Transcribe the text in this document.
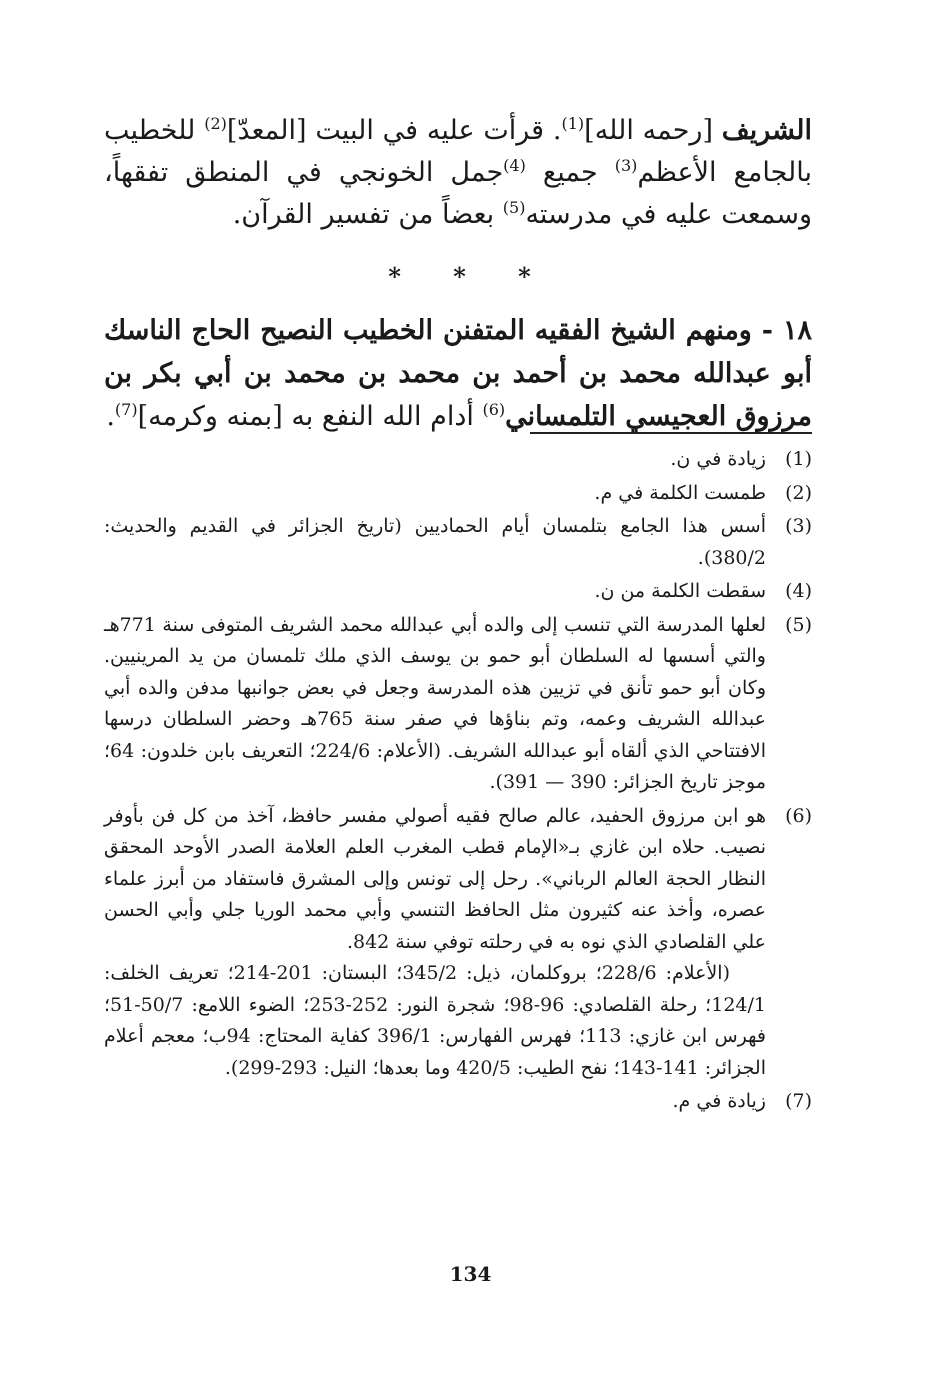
الشريف [رحمه الله]$^{(1)}$. قرأت عليه في البيت [المعدّ]$^{(2)}$ للخطيب بالجامع الأعظم$^{(3)}$ جميع $^{(4)}$جمل الخونجي في المنطق تفقهاً، وسمعت عليه في مدرسته$^{(5)}$ بعضاً من تفسير القرآن.

* * *

١٨ - ومنهم الشيخ الفقيه المتفنن الخطيب النصيح الحاج الناسك أبو عبدالله محمد بن أحمد بن محمد بن محمد بن أبي بكر بن مرزوق العجيسي التلمساني$^{(6)}$ أدام الله النفع به [بمنه وكرمه]$^{(7)}$.

(1)
زيادة في ن.
(2)
طمست الكلمة في م.
(3)
أسس هذا الجامع بتلمسان أيام الحماديين (تاريخ الجزائر في القديم والحديث: 380/2).
(4)
سقطت الكلمة من ن.
(5)
لعلها المدرسة التي تنسب إلى والده أبي عبدالله محمد الشريف المتوفى سنة 771هـ والتي أسسها له السلطان أبو حمو بن يوسف الذي ملك تلمسان من يد المرينيين. وكان أبو حمو تأنق في تزيين هذه المدرسة وجعل في بعض جوانبها مدفن والده أبي عبدالله الشريف وعمه، وتم بناؤها في صفر سنة 765هـ وحضر السلطان درسها الافتتاحي الذي ألقاه أبو عبدالله الشريف. (الأعلام: 224/6؛ التعريف بابن خلدون: 64؛ موجز تاريخ الجزائر: 390 — 391).
(6)

هو ابن مرزوق الحفيد، عالم صالح فقيه أصولي مفسر حافظ، آخذ من كل فن بأوفر نصيب. حلاه ابن غازي بـ«الإمام قطب المغرب العلم العلامة الصدر الأوحد المحقق النظار الحجة العالم الرباني». رحل إلى تونس وإلى المشرق فاستفاد من أبرز علماء عصره، وأخذ عنه كثيرون مثل الحافظ التنسي وأبي محمد الوريا جلي وأبي الحسن علي القلصادي الذي نوه به في رحلته توفي سنة 842.

(الأعلام: 228/6؛ بروكلمان، ذيل: 345/2؛ البستان: 201-214؛ تعريف الخلف: 124/1؛ رحلة القلصادي: 96-98؛ شجرة النور: 252-253؛ الضوء اللامع: 50/7-51؛ فهرس ابن غازي: 113؛ فهرس الفهارس: 396/1 كفاية المحتاج: 94ب؛ معجم أعلام الجزائر: 141-143؛ نفح الطيب: 420/5 وما بعدها؛ النيل: 293-299).

(7)
زيادة في م.
134
